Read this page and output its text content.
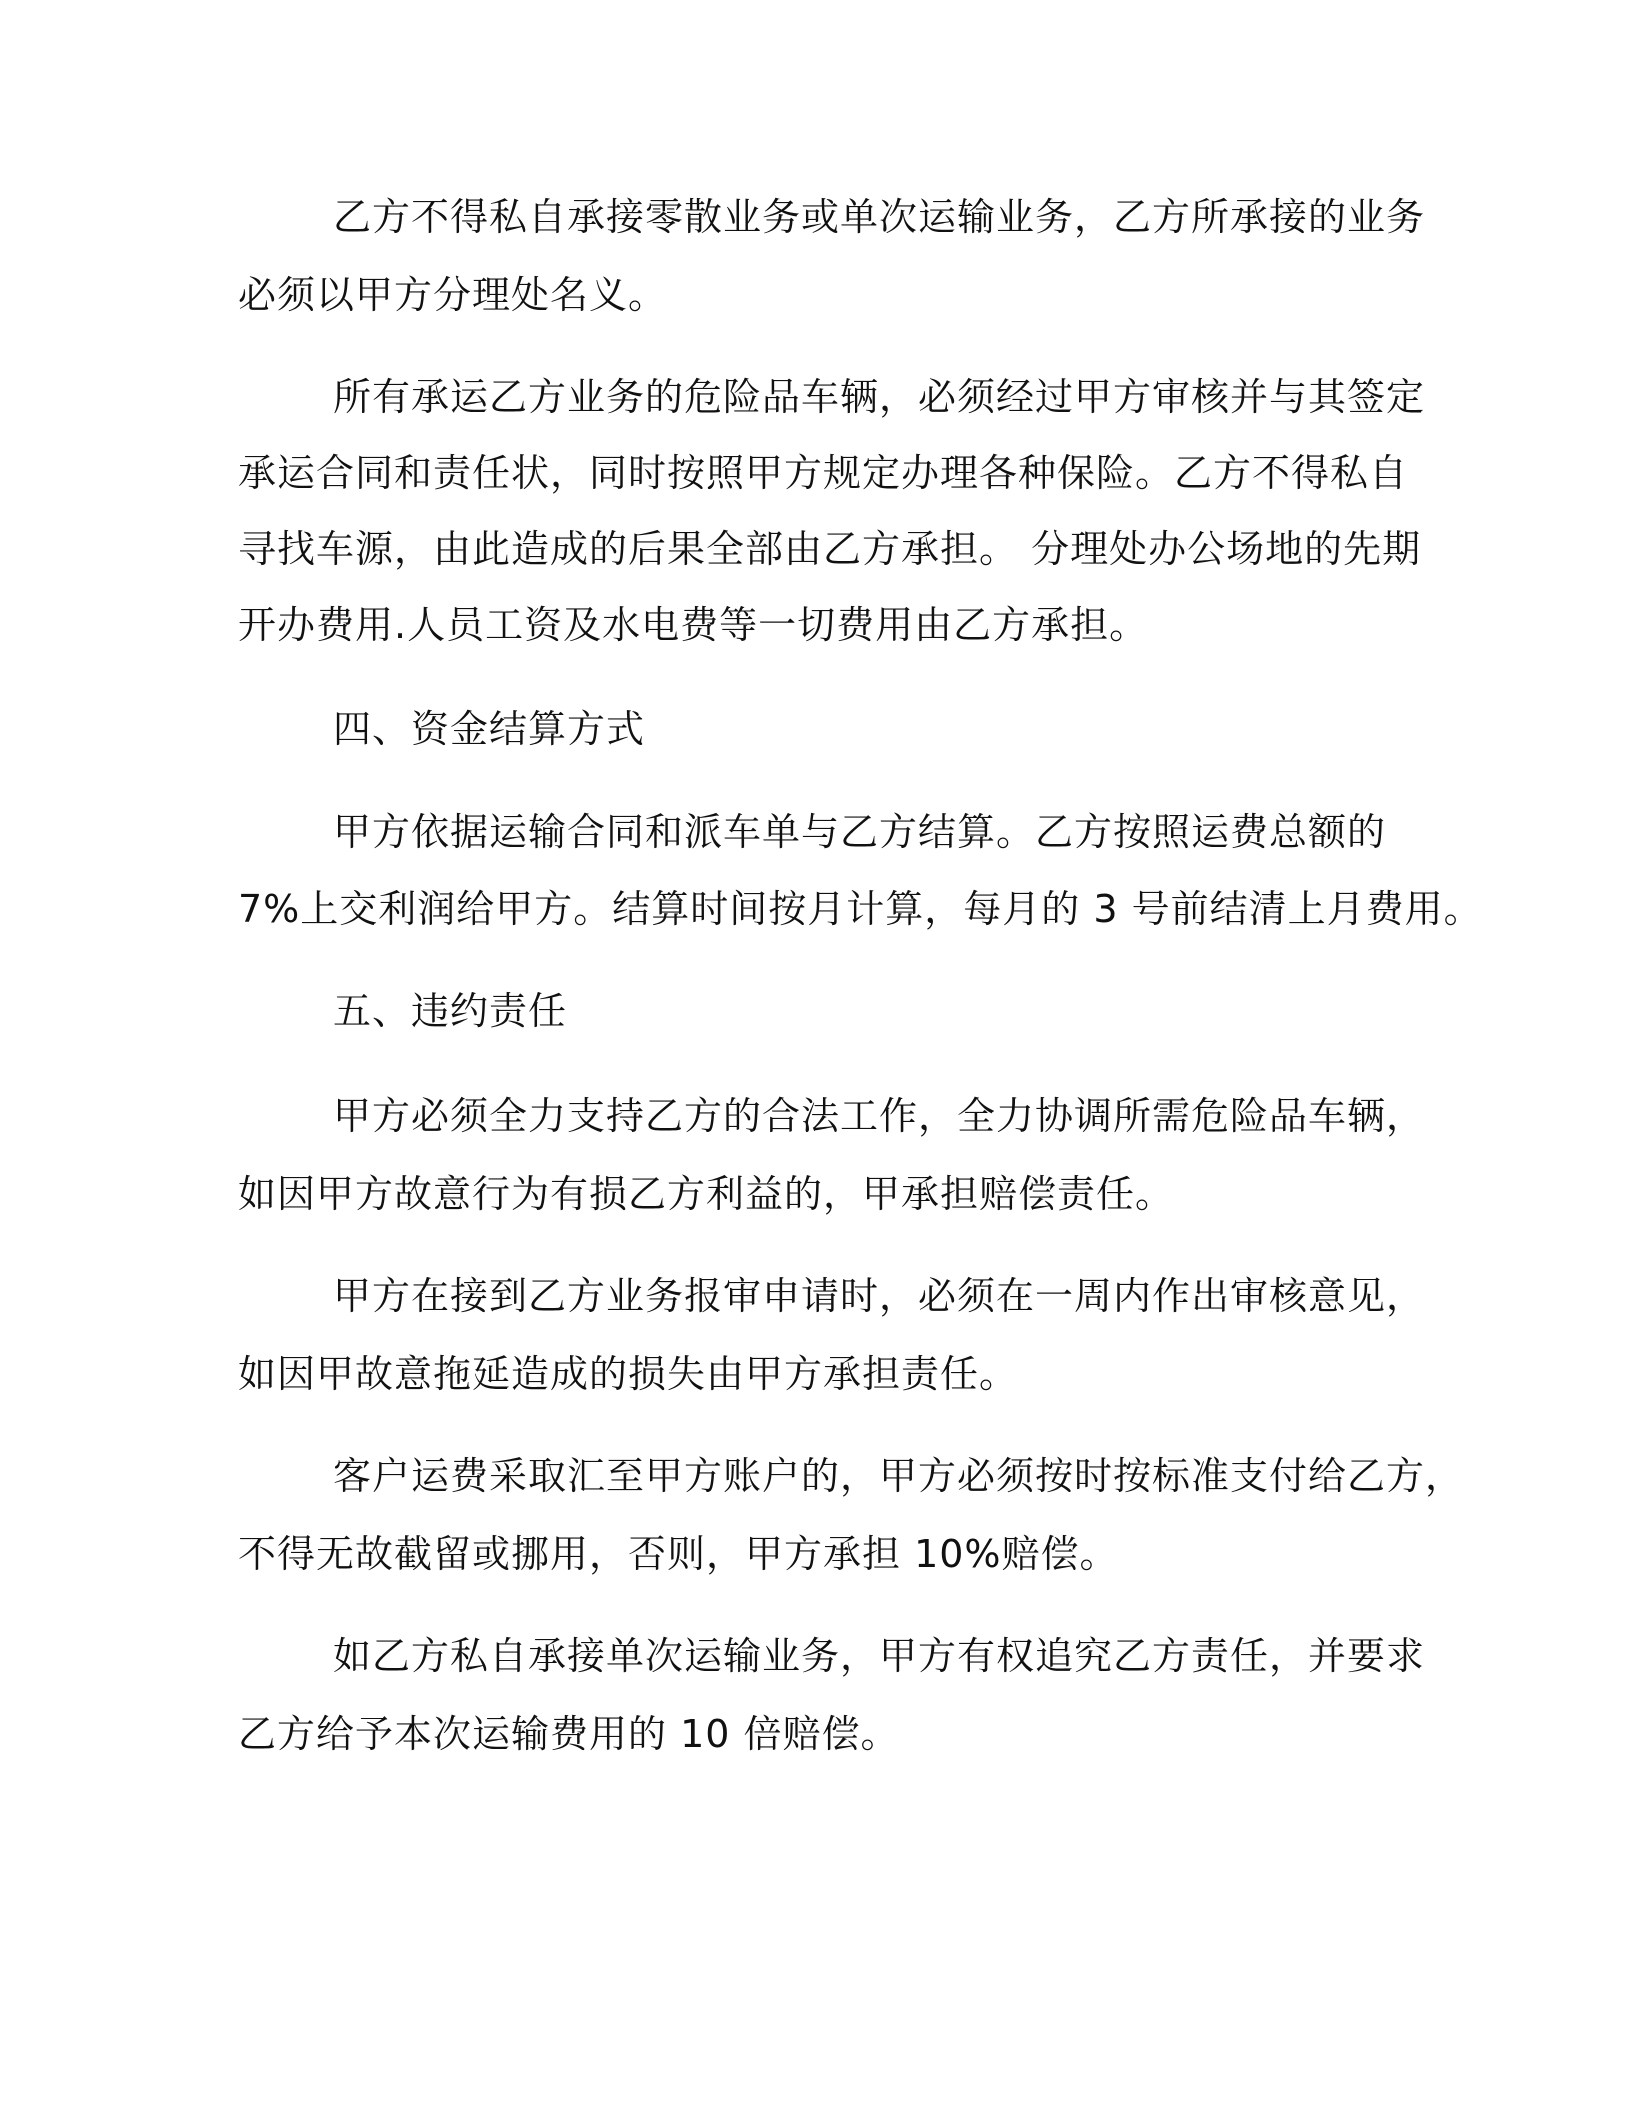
乙方不得私自承接零散业务或单次运输业务，乙方所承接的业务
必须以甲方分理处名义。
所有承运乙方业务的危险品车辆，必须经过甲方审核并与其签定
承运合同和责任状，同时按照甲方规定办理各种保险。乙方不得私自
寻找车源，由此造成的后果全部由乙方承担。 分理处办公场地的先期
开办费用.人员工资及水电费等一切费用由乙方承担。
四、资金结算方式
甲方依据运输合同和派车单与乙方结算。乙方按照运费总额的
7%上交利润给甲方。结算时间按月计算，每月的 3 号前结清上月费用。
五、违约责任
甲方必须全力支持乙方的合法工作，全力协调所需危险品车辆，
如因甲方故意行为有损乙方利益的，甲承担赔偿责任。
甲方在接到乙方业务报审申请时，必须在一周内作出审核意见，
如因甲故意拖延造成的损失由甲方承担责任。
客户运费采取汇至甲方账户的，甲方必须按时按标准支付给乙方，
不得无故截留或挪用，否则，甲方承担 10%赔偿。
如乙方私自承接单次运输业务，甲方有权追究乙方责任，并要求
乙方给予本次运输费用的 10 倍赔偿。
